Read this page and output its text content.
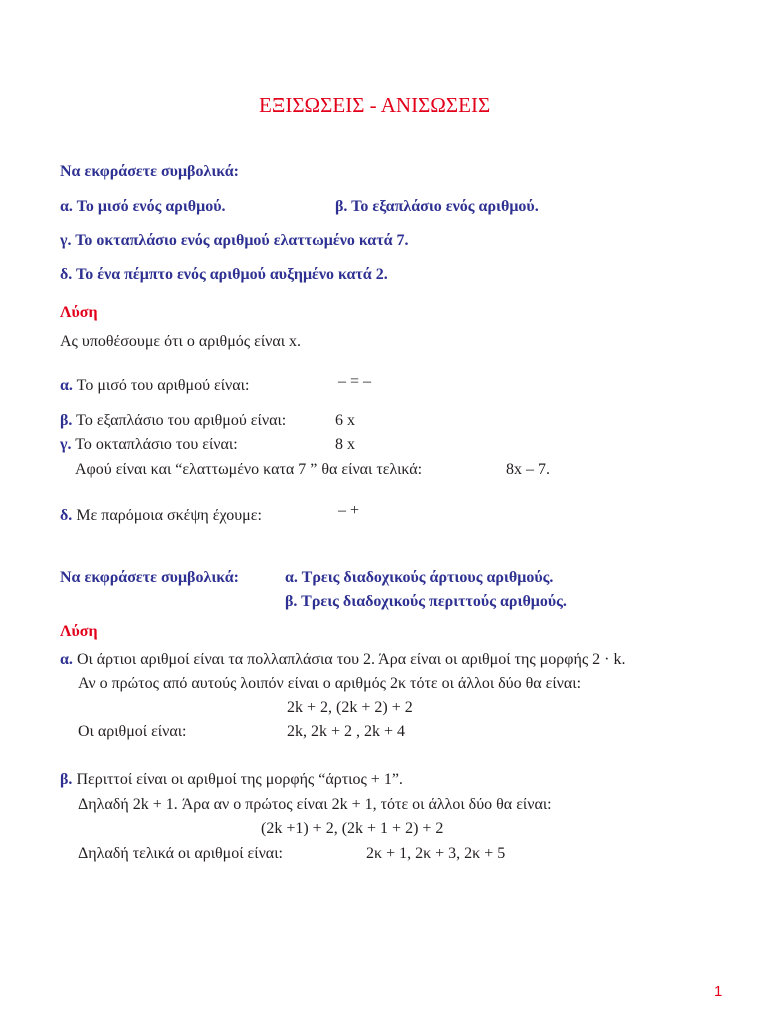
ΕΞΙΣΩΣΕΙΣ - ΑΝΙΣΩΣΕΙΣ
Να εκφράσετε συμβολικά:
α. Το μισό ενός αριθμού.	β. Το εξαπλάσιο ενός αριθμού.
γ. Το οκταπλάσιο ενός αριθμού ελαττωμένο κατά 7.
δ. Το ένα πέμπτο ενός αριθμού αυξημένο κατά 2.
Λύση
Ας υποθέσουμε ότι ο αριθμός είναι x.
α. Το μισό του αριθμού είναι:	– = –
β. Το εξαπλάσιο του αριθμού είναι:	6 x
γ. Το οκταπλάσιο του είναι:	8 x
Αφού είναι και “ελαττωμένο κατα 7 ” θα είναι τελικά:	8x – 7.
δ. Με παρόμοια σκέψη έχουμε:	– +
Να εκφράσετε συμβολικά:	α. Τρεις διαδοχικούς άρτιους αριθμούς.
β. Τρεις διαδοχικούς περιττούς αριθμούς.
Λύση
α. Οι άρτιοι αριθμοί είναι τα πολλαπλάσια του 2. Άρα είναι οι αριθμοί της μορφής 2 · k.
Αν ο πρώτος από αυτούς λοιπόν είναι ο αριθμός 2κ τότε οι άλλοι δύο θα είναι:
2k + 2, (2k + 2) + 2
Οι αριθμοί είναι:	2k, 2k + 2 , 2k + 4
β. Περιττοί είναι οι αριθμοί της μορφής “άρτιος + 1”.
Δηλαδή 2k + 1. Άρα αν ο πρώτος είναι 2k + 1, τότε οι άλλοι δύο θα είναι:
(2k +1) + 2, (2k + 1 + 2) + 2
Δηλαδή τελικά οι αριθμοί είναι:	2κ + 1, 2κ + 3, 2κ + 5
1
